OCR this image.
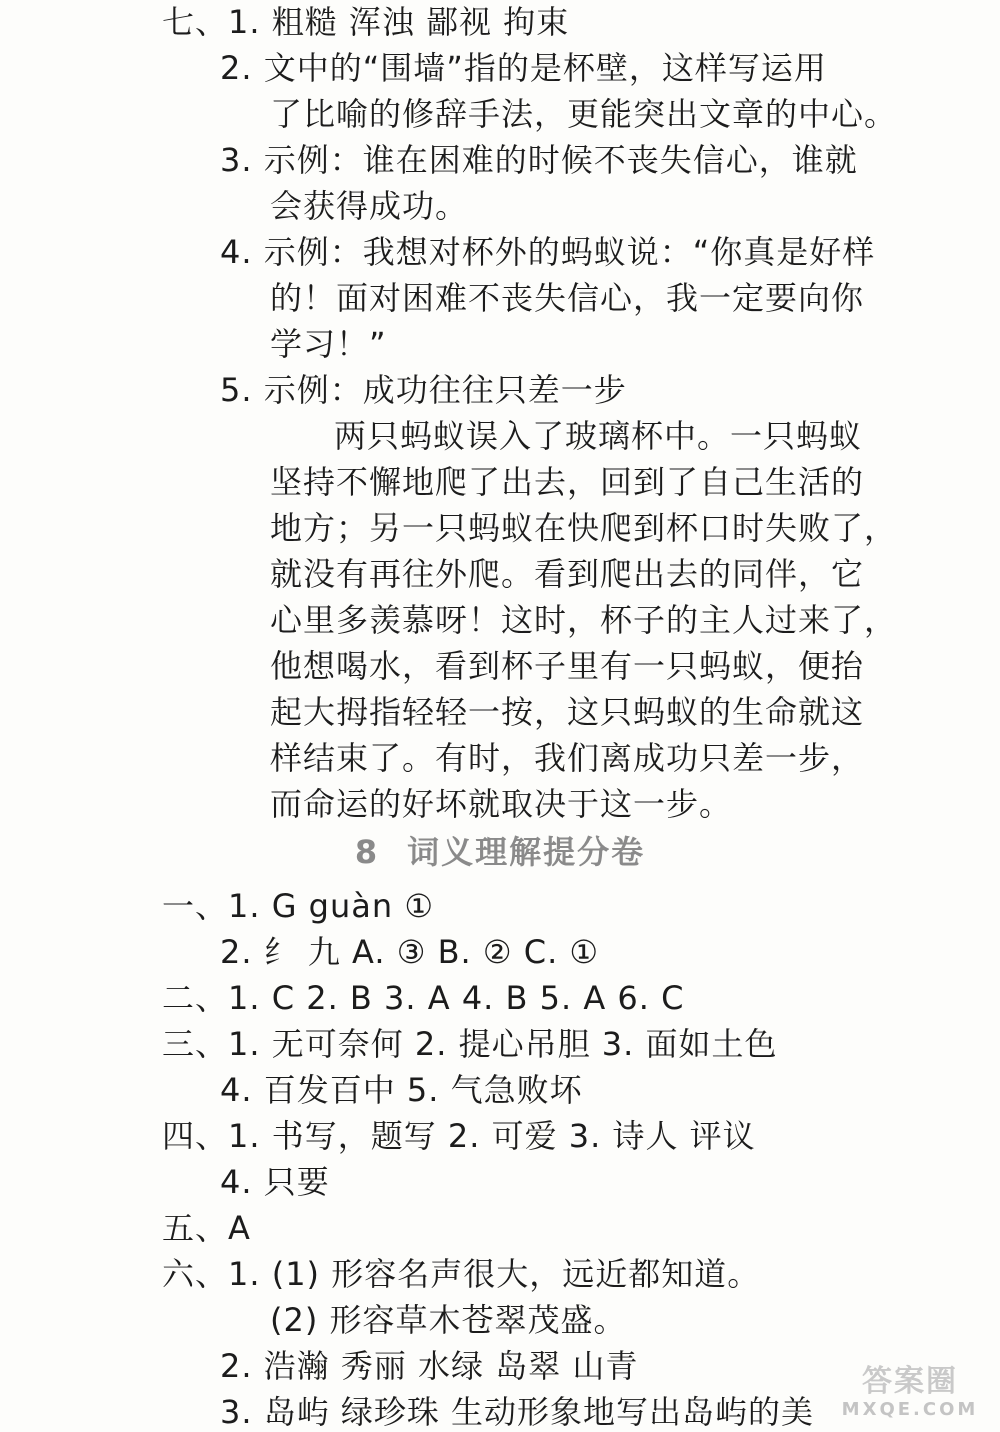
七、1. 粗糙 浑浊 鄙视 拘束
2. 文中的“围墙”指的是杯壁，这样写运用
了比喻的修辞手法，更能突出文章的中心。
3. 示例：谁在困难的时候不丧失信心，谁就
会获得成功。
4. 示例：我想对杯外的蚂蚁说：“你真是好样
的！面对困难不丧失信心，我一定要向你
学习！”
5. 示例：成功往往只差一步
两只蚂蚁误入了玻璃杯中。一只蚂蚁
坚持不懈地爬了出去，回到了自己生活的
地方；另一只蚂蚁在快爬到杯口时失败了，
就没有再往外爬。看到爬出去的同伴，它
心里多羡慕呀！这时，杯子的主人过来了，
他想喝水，看到杯子里有一只蚂蚁，便抬
起大拇指轻轻一按，这只蚂蚁的生命就这
样结束了。有时，我们离成功只差一步，
而命运的好坏就取决于这一步。
8 词义理解提分卷
一、1. G guàn ①
2. 纟 九 A. ③ B. ② C. ①
二、1. C 2. B 3. A 4. B 5. A 6. C
三、1. 无可奈何 2. 提心吊胆 3. 面如土色
4. 百发百中 5. 气急败坏
四、1. 书写，题写 2. 可爱 3. 诗人 评议
4. 只要
五、A
六、1. (1) 形容名声很大，远近都知道。
(2) 形容草木苍翠茂盛。
2. 浩瀚 秀丽 水绿 岛翠 山青
3. 岛屿 绿珍珠 生动形象地写出岛屿的美
答案圈
MXQE.COM
